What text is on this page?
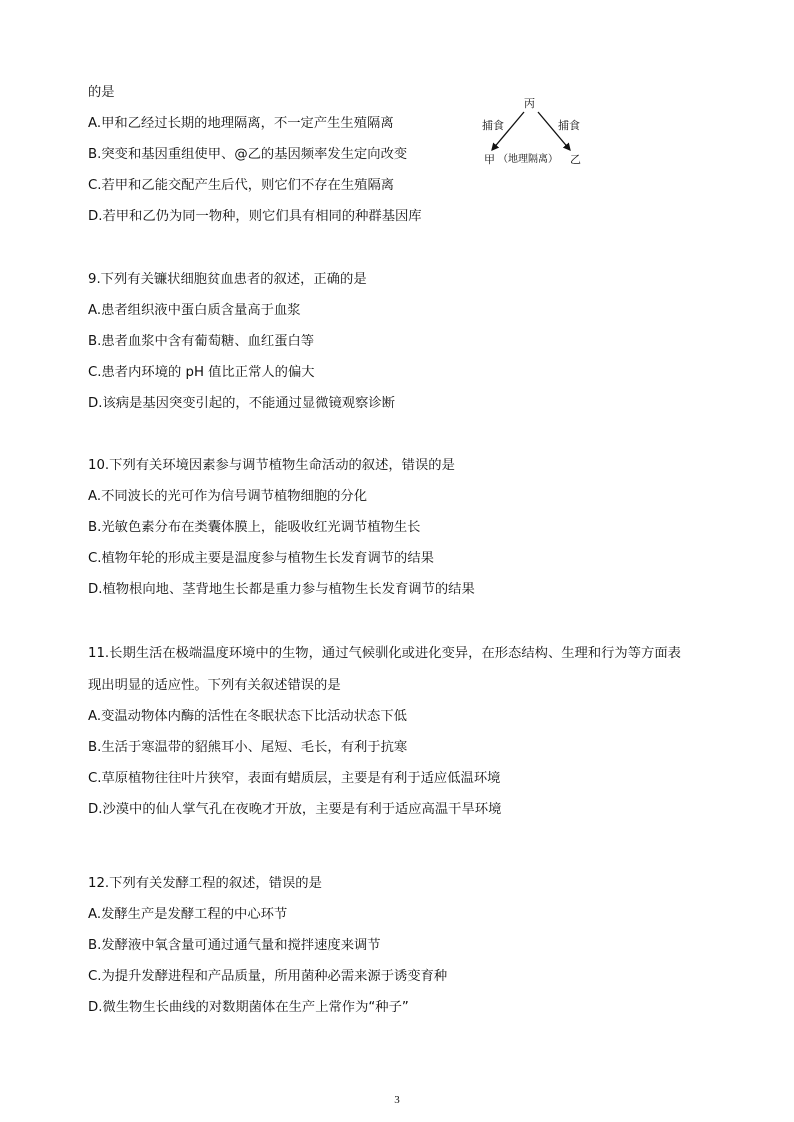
的是
A.甲和乙经过长期的地理隔离，不一定产生生殖隔离
B.突变和基因重组使甲、@乙的基因频率发生定向改变
C.若甲和乙能交配产生后代，则它们不存在生殖隔离
D.若甲和乙仍为同一物种，则它们具有相同的种群基因库
丙
捕食	捕食
甲 （地理隔离） 乙
9.下列有关镰状细胞贫血患者的叙述，正确的是
A.患者组织液中蛋白质含量高于血浆
B.患者血浆中含有葡萄糖、血红蛋白等
C.患者内环境的 pH 值比正常人的偏大
D.该病是基因突变引起的，不能通过显微镜观察诊断
10.下列有关环境因素参与调节植物生命活动的叙述，错误的是
A.不同波长的光可作为信号调节植物细胞的分化
B.光敏色素分布在类囊体膜上，能吸收红光调节植物生长
C.植物年轮的形成主要是温度参与植物生长发育调节的结果
D.植物根向地、茎背地生长都是重力参与植物生长发育调节的结果
11.长期生活在极端温度环境中的生物，通过气候驯化或进化变异，在形态结构、生理和行为等方面表
现出明显的适应性。下列有关叙述错误的是
A.变温动物体内酶的活性在冬眠状态下比活动状态下低
B.生活于寒温带的貂熊耳小、尾短、毛长，有利于抗寒
C.草原植物往往叶片狭窄，表面有蜡质层，主要是有利于适应低温环境
D.沙漠中的仙人掌气孔在夜晚才开放，主要是有利于适应高温干旱环境
12.下列有关发酵工程的叙述，错误的是
A.发酵生产是发酵工程的中心环节
B.发酵液中氧含量可通过通气量和搅拌速度来调节
C.为提升发酵进程和产品质量，所用菌种必需来源于诱变育种
D.微生物生长曲线的对数期菌体在生产上常作为“种子”
3
